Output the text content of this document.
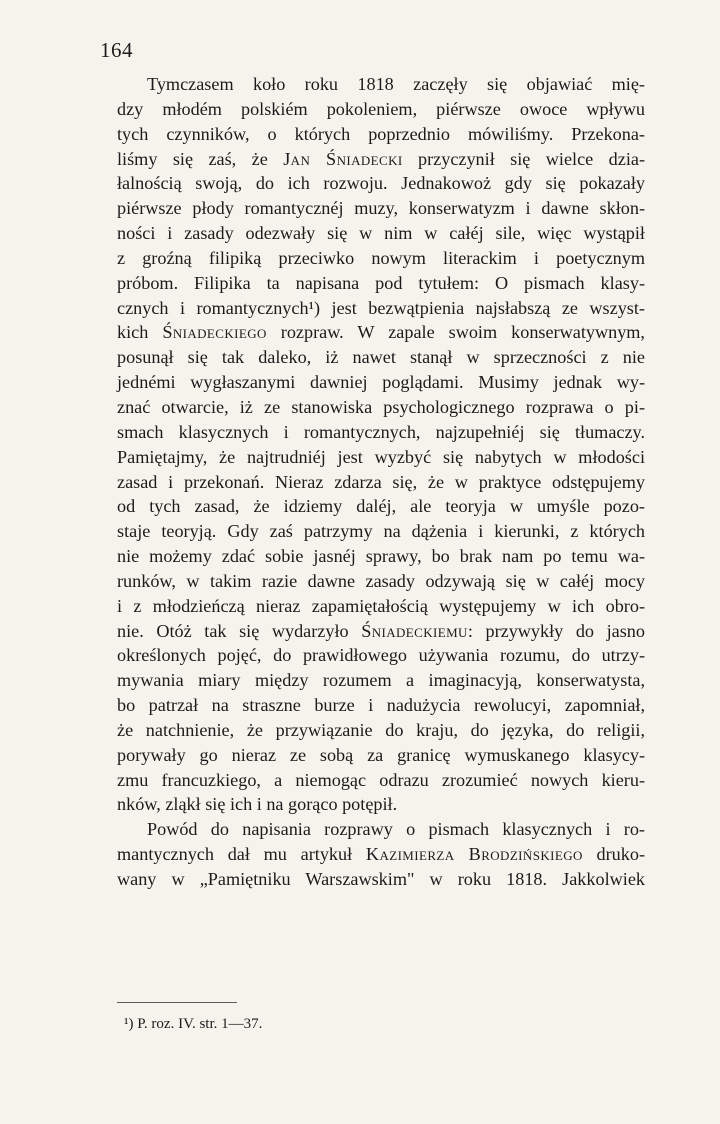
164
Tymczasem koło roku 1818 zaczęły się objawiać mię-
dzy młodém polskiém pokoleniem, piérwsze owoce wpływu
tych czynników, o których poprzednio mówiliśmy. Przekona-
liśmy się zaś, że Jan Śniadecki przyczynił się wielce dzia-
łalnością swoją, do ich rozwoju. Jednakowoż gdy się pokazały
piérwsze płody romantycznéj muzy, konserwatyzm i dawne skłon-
ności i zasady odezwały się w nim w całéj sile, więc wystąpił
z groźną filipiką przeciwko nowym literackim i poetycznym
próbom. Filipika ta napisana pod tytułem: O pismach klasy-
cznych i romantycznych¹) jest bezwątpienia najsłabszą ze wszyst-
kich Śniadeckiego rozpraw. W zapale swoim konserwatywnym,
posunął się tak daleko, iż nawet stanął w sprzeczności z nie
jednémi wygłaszanymi dawniej poglądami. Musimy jednak wy-
znać otwarcie, iż ze stanowiska psychologicznego rozprawa o pi-
smach klasycznych i romantycznych, najzupełniéj się tłumaczy.
Pamiętajmy, że najtrudniéj jest wyzbyć się nabytych w młodości
zasad i przekonań. Nieraz zdarza się, że w praktyce odstępujemy
od tych zasad, że idziemy daléj, ale teoryja w umyśle pozo-
staje teoryją. Gdy zaś patrzymy na dążenia i kierunki, z których
nie możemy zdać sobie jasnéj sprawy, bo brak nam po temu wa-
runków, w takim razie dawne zasady odzywają się w całéj mocy
i z młodzieńczą nieraz zapamiętałością występujemy w ich obro-
nie. Otóż tak się wydarzyło Śniadeckiemu: przywykły do jasno
określonych pojęć, do prawidłowego używania rozumu, do utrzy-
mywania miary między rozumem a imaginacyją, konserwatysta,
bo patrzał na straszne burze i nadużycia rewolucyi, zapomniał,
że natchnienie, że przywiązanie do kraju, do języka, do religii,
porywały go nieraz ze sobą za granicę wymuskanego klasycy-
zmu francuzkiego, a niemogąc odrazu zrozumieć nowych kieru-
nków, zląkł się ich i na gorąco potępił.
Powód do napisania rozprawy o pismach klasycznych i ro-
mantycznych dał mu artykuł Kazimierza Brodzińskiego druko-
wany w „Pamiętniku Warszawskim" w roku 1818. Jakkolwiek
¹) P. roz. IV. str. 1—37.
